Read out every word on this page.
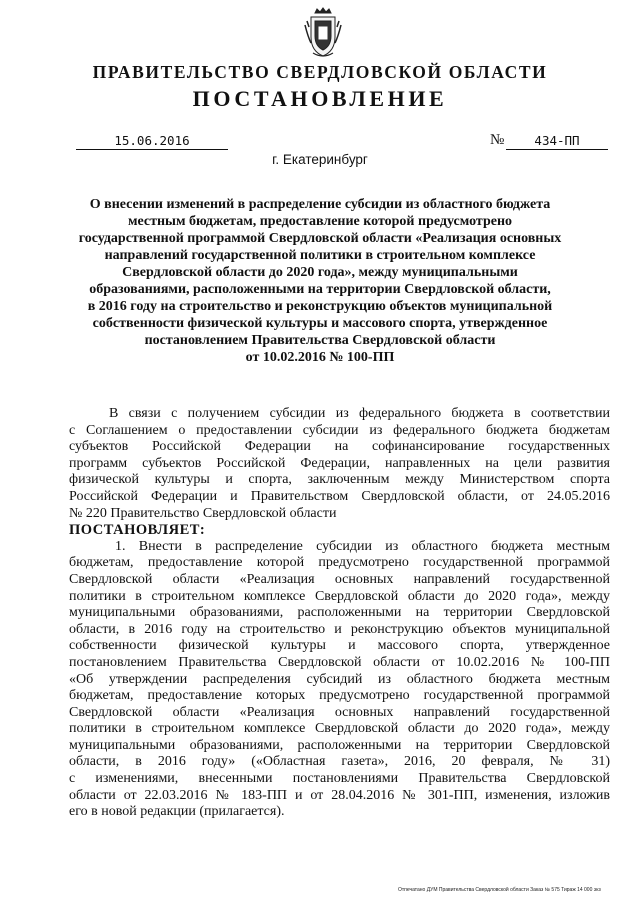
ПРАВИТЕЛЬСТВО СВЕРДЛОВСКОЙ ОБЛАСТИ
ПОСТАНОВЛЕНИЕ
15.06.2016	№	434-ПП
г. Екатеринбург
О внесении изменений в распределение субсидии из областного бюджета
местным бюджетам, предоставление которой предусмотрено
государственной программой Свердловской области «Реализация основных
направлений государственной политики в строительном комплексе
Свердловской области до 2020 года», между муниципальными
образованиями, расположенными на территории Свердловской области,
в 2016 году на строительство и реконструкцию объектов муниципальной
собственности физической культуры и массового спорта, утвержденное
постановлением Правительства Свердловской области
от 10.02.2016 № 100-ПП
В связи с получением субсидии из федерального бюджета в соответствии
с Соглашением о предоставлении субсидии из федерального бюджета бюджетам
субъектов Российской Федерации на софинансирование государственных
программ субъектов Российской Федерации, направленных на цели развития
физической культуры и спорта, заключенным между Министерством спорта
Российской Федерации и Правительством Свердловской области, от 24.05.2016
№ 220 Правительство Свердловской области
ПОСТАНОВЛЯЕТ:
1. Внести в распределение субсидии из областного бюджета местным
бюджетам, предоставление которой предусмотрено государственной программой
Свердловской области «Реализация основных направлений государственной
политики в строительном комплексе Свердловской области до 2020 года», между
муниципальными образованиями, расположенными на территории Свердловской
области, в 2016 году на строительство и реконструкцию объектов муниципальной
собственности физической культуры и массового спорта, утвержденное
постановлением Правительства Свердловской области от 10.02.2016 № 100-ПП
«Об утверждении распределения субсидий из областного бюджета местным
бюджетам, предоставление которых предусмотрено государственной программой
Свердловской области «Реализация основных направлений государственной
политики в строительном комплексе Свердловской области до 2020 года», между
муниципальными образованиями, расположенными на территории Свердловской
области, в 2016 году» («Областная газета», 2016, 20 февраля, № 31)
с изменениями, внесенными постановлениями Правительства Свердловской
области от 22.03.2016 № 183-ПП и от 28.04.2016 № 301-ПП, изменения, изложив
его в новой редакции (прилагается).
Отпечатано ДУМ Правительства Свердловской области Заказ № 575 Тираж 14 000 экз
